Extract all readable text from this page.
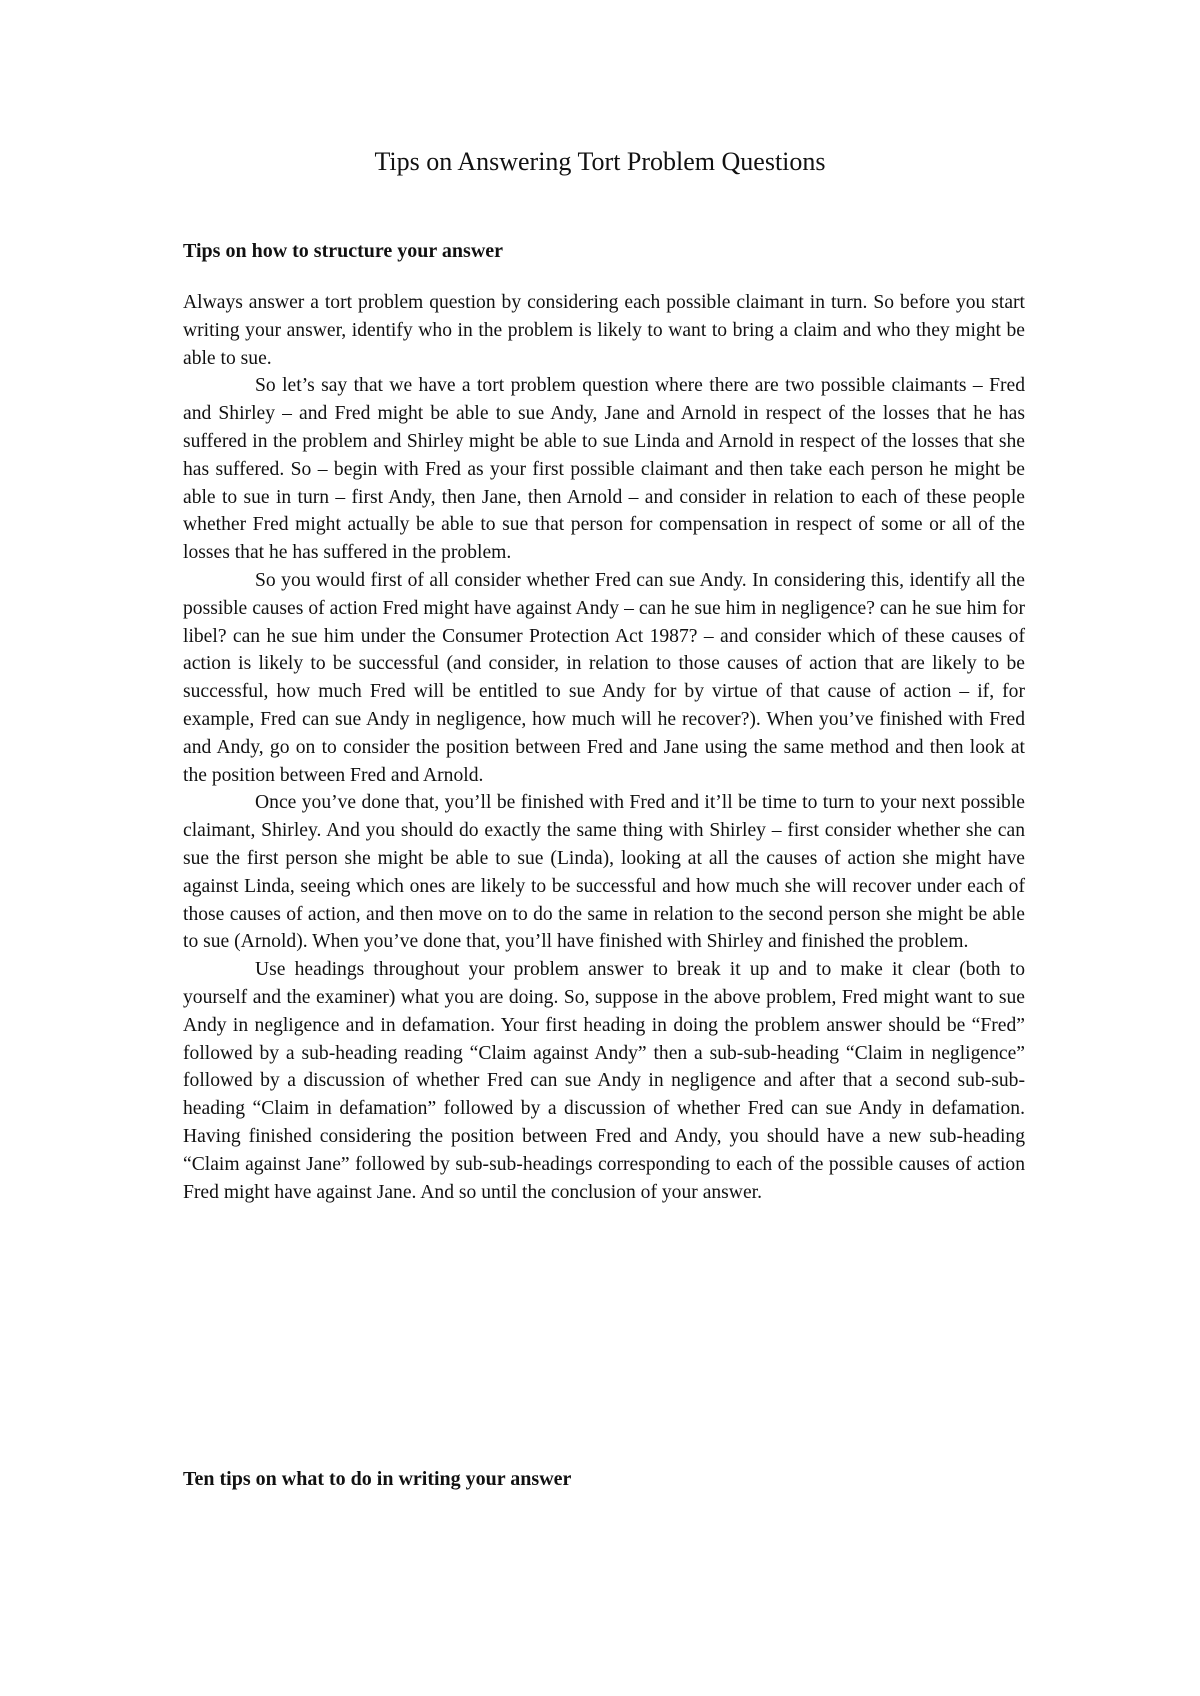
Tips on Answering Tort Problem Questions
Tips on how to structure your answer

Always answer a tort problem question by considering each possible claimant in turn. So before you start writing your answer, identify who in the problem is likely to want to bring a claim and who they might be able to sue.

So let’s say that we have a tort problem question where there are two possible claimants – Fred and Shirley – and Fred might be able to sue Andy, Jane and Arnold in respect of the losses that he has suffered in the problem and Shirley might be able to sue Linda and Arnold in respect of the losses that she has suffered. So – begin with Fred as your first possible claimant and then take each person he might be able to sue in turn – first Andy, then Jane, then Arnold – and consider in relation to each of these people whether Fred might actually be able to sue that person for compensation in respect of some or all of the losses that he has suffered in the problem.

So you would first of all consider whether Fred can sue Andy. In considering this, identify all the possible causes of action Fred might have against Andy – can he sue him in negligence? can he sue him for libel? can he sue him under the Consumer Protection Act 1987? – and consider which of these causes of action is likely to be successful (and consider, in relation to those causes of action that are likely to be successful, how much Fred will be entitled to sue Andy for by virtue of that cause of action – if, for example, Fred can sue Andy in negligence, how much will he recover?). When you’ve finished with Fred and Andy, go on to consider the position between Fred and Jane using the same method and then look at the position between Fred and Arnold.

Once you’ve done that, you’ll be finished with Fred and it’ll be time to turn to your next possible claimant, Shirley. And you should do exactly the same thing with Shirley – first consider whether she can sue the first person she might be able to sue (Linda), looking at all the causes of action she might have against Linda, seeing which ones are likely to be successful and how much she will recover under each of those causes of action, and then move on to do the same in relation to the second person she might be able to sue (Arnold). When you’ve done that, you’ll have finished with Shirley and finished the problem.

Use headings throughout your problem answer to break it up and to make it clear (both to yourself and the examiner) what you are doing. So, suppose in the above problem, Fred might want to sue Andy in negligence and in defamation. Your first heading in doing the problem answer should be “Fred” followed by a sub-heading reading “Claim against Andy” then a sub-sub-heading “Claim in negligence” followed by a discussion of whether Fred can sue Andy in negligence and after that a second sub-sub-heading “Claim in defamation” followed by a discussion of whether Fred can sue Andy in defamation. Having finished considering the position between Fred and Andy, you should have a new sub-heading “Claim against Jane” followed by sub-sub-headings corresponding to each of the possible causes of action Fred might have against Jane. And so until the conclusion of your answer.

Ten tips on what to do in writing your answer
